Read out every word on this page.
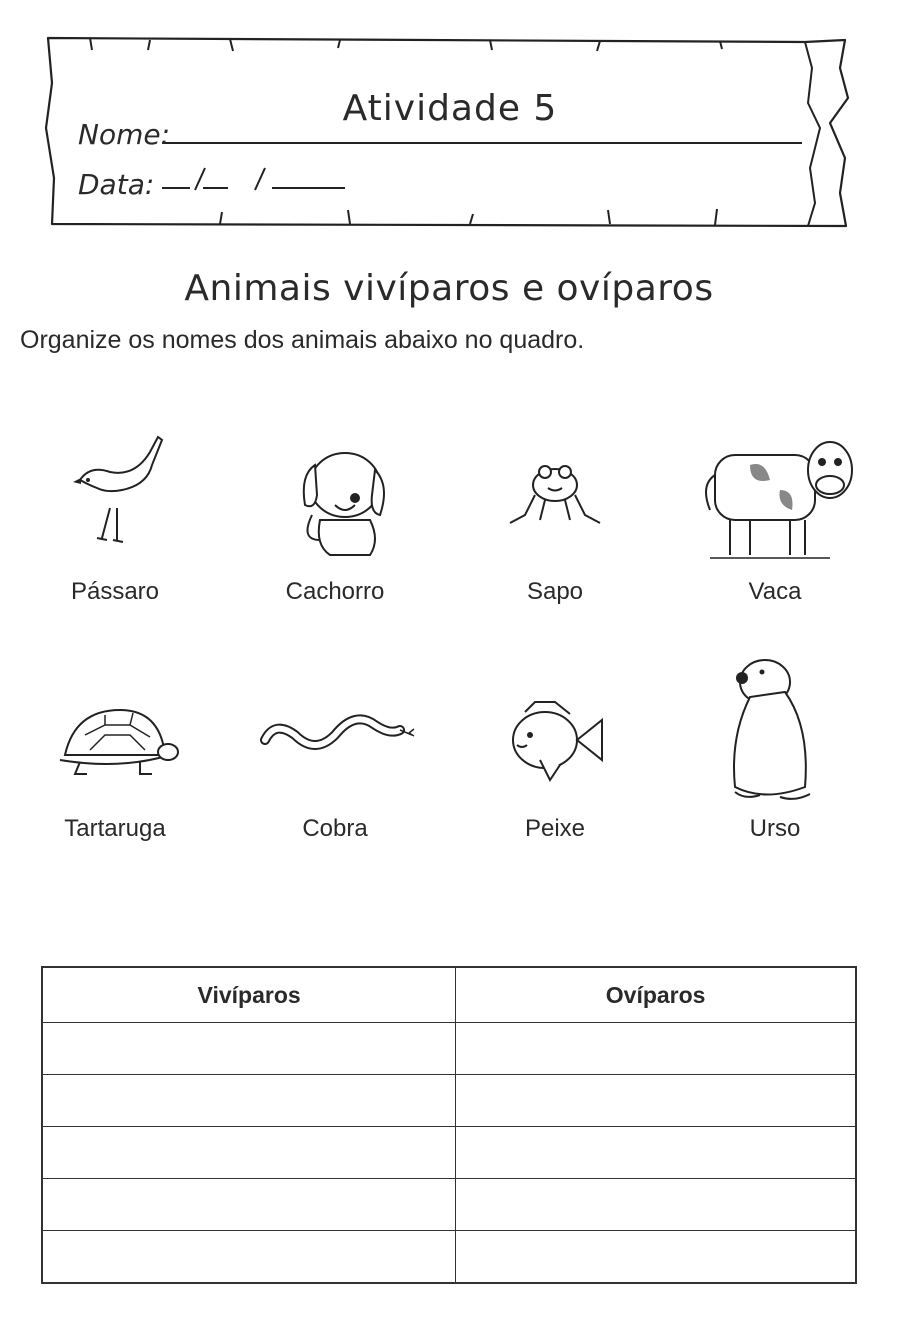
Atividade 5
Nome:
Data:
Animais vivíparos e ovíparos
Organize os nomes dos animais abaixo no quadro.
Pássaro	Cachorro	Sapo	Vaca
Tartaruga	Cobra	Peixe	Urso
Vivíparos	Ovíparos
